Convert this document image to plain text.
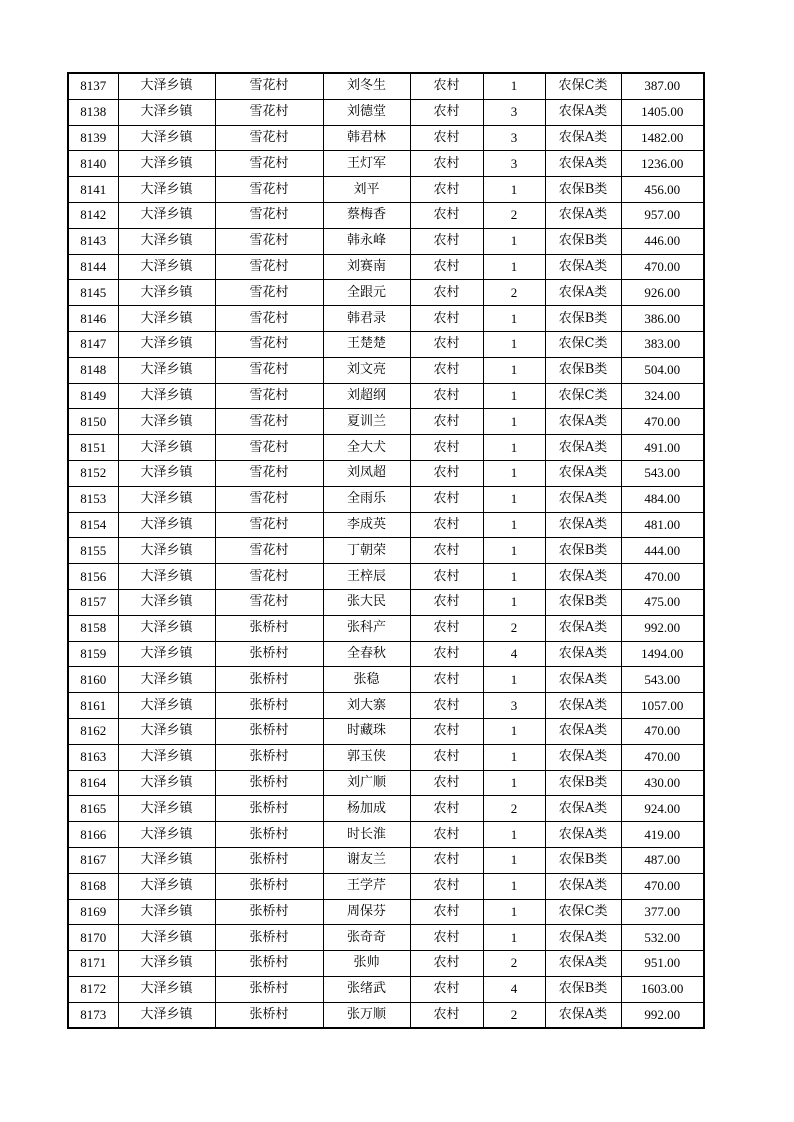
8137	大泽乡镇	雪花村	刘冬生	农村	1	农保C类	387.00
8138	大泽乡镇	雪花村	刘德堂	农村	3	农保A类	1405.00
8139	大泽乡镇	雪花村	韩君林	农村	3	农保A类	1482.00
8140	大泽乡镇	雪花村	王灯军	农村	3	农保A类	1236.00
8141	大泽乡镇	雪花村	刘平	农村	1	农保B类	456.00
8142	大泽乡镇	雪花村	蔡梅香	农村	2	农保A类	957.00
8143	大泽乡镇	雪花村	韩永峰	农村	1	农保B类	446.00
8144	大泽乡镇	雪花村	刘赛南	农村	1	农保A类	470.00
8145	大泽乡镇	雪花村	全跟元	农村	2	农保A类	926.00
8146	大泽乡镇	雪花村	韩君录	农村	1	农保B类	386.00
8147	大泽乡镇	雪花村	王楚楚	农村	1	农保C类	383.00
8148	大泽乡镇	雪花村	刘文亮	农村	1	农保B类	504.00
8149	大泽乡镇	雪花村	刘超纲	农村	1	农保C类	324.00
8150	大泽乡镇	雪花村	夏训兰	农村	1	农保A类	470.00
8151	大泽乡镇	雪花村	全大犬	农村	1	农保A类	491.00
8152	大泽乡镇	雪花村	刘凤超	农村	1	农保A类	543.00
8153	大泽乡镇	雪花村	全雨乐	农村	1	农保A类	484.00
8154	大泽乡镇	雪花村	李成英	农村	1	农保A类	481.00
8155	大泽乡镇	雪花村	丁朝荣	农村	1	农保B类	444.00
8156	大泽乡镇	雪花村	王梓辰	农村	1	农保A类	470.00
8157	大泽乡镇	雪花村	张大民	农村	1	农保B类	475.00
8158	大泽乡镇	张桥村	张科产	农村	2	农保A类	992.00
8159	大泽乡镇	张桥村	全春秋	农村	4	农保A类	1494.00
8160	大泽乡镇	张桥村	张稳	农村	1	农保A类	543.00
8161	大泽乡镇	张桥村	刘大寨	农村	3	农保A类	1057.00
8162	大泽乡镇	张桥村	时藏珠	农村	1	农保A类	470.00
8163	大泽乡镇	张桥村	郭玉侠	农村	1	农保A类	470.00
8164	大泽乡镇	张桥村	刘广顺	农村	1	农保B类	430.00
8165	大泽乡镇	张桥村	杨加成	农村	2	农保A类	924.00
8166	大泽乡镇	张桥村	时长淮	农村	1	农保A类	419.00
8167	大泽乡镇	张桥村	谢友兰	农村	1	农保B类	487.00
8168	大泽乡镇	张桥村	王学芹	农村	1	农保A类	470.00
8169	大泽乡镇	张桥村	周保芬	农村	1	农保C类	377.00
8170	大泽乡镇	张桥村	张奇奇	农村	1	农保A类	532.00
8171	大泽乡镇	张桥村	张帅	农村	2	农保A类	951.00
8172	大泽乡镇	张桥村	张绪武	农村	4	农保B类	1603.00
8173	大泽乡镇	张桥村	张万顺	农村	2	农保A类	992.00
